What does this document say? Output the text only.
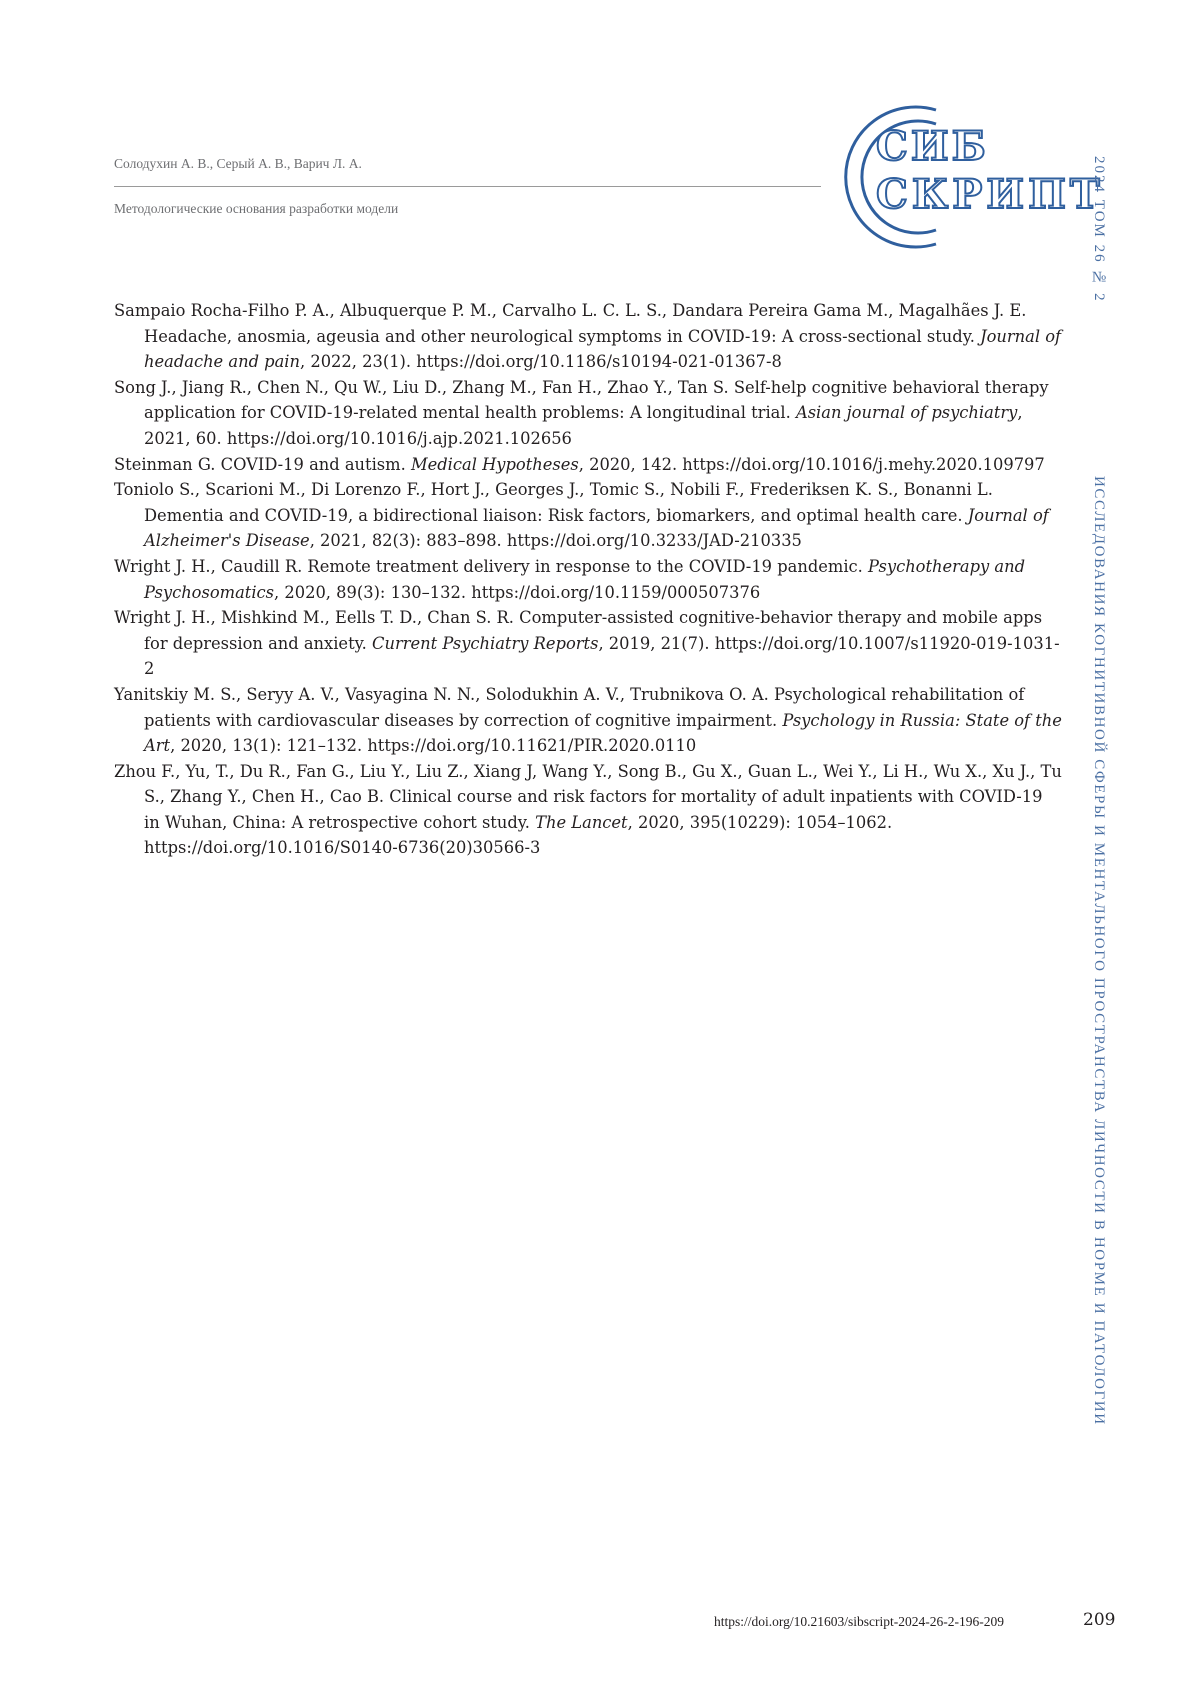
Солодухин А. В., Серый А. В., Варич Л. А.
Методологические основания разработки модели
СИБ
СКРИПТ
2024 ТОМ 26 № 2
ИССЛЕДОВАНИЯ КОГНИТИВНОЙ СФЕРЫ И МЕНТАЛЬНОГО ПРОСТРАНСТВА ЛИЧНОСТИ В НОРМЕ И ПАТОЛОГИИ

Sampaio Rocha-Filho P. A., Albuquerque P. M., Carvalho L. C. L. S., Dandara Pereira Gama M., Magalhães J. E. Headache, anosmia, ageusia and other neurological symptoms in COVID-19: A cross-sectional study. Journal of headache and pain, 2022, 23(1). https://doi.org/10.1186/s10194-021-01367-8

Song J., Jiang R., Chen N., Qu W., Liu D., Zhang M., Fan H., Zhao Y., Tan S. Self-help cognitive behavioral therapy application for COVID-19-related mental health problems: A longitudinal trial. Asian journal of psychiatry, 2021, 60. https://doi.org/10.1016/j.ajp.2021.102656

Steinman G. COVID-19 and autism. Medical Hypotheses, 2020, 142. https://doi.org/10.1016/j.mehy.2020.109797

Toniolo S., Scarioni M., Di Lorenzo F., Hort J., Georges J., Tomic S., Nobili F., Frederiksen K. S., Bonanni L. Dementia and COVID-19, a bidirectional liaison: Risk factors, biomarkers, and optimal health care. Journal of Alzheimer's Disease, 2021, 82(3): 883–898. https://doi.org/10.3233/JAD-210335

Wright J. H., Caudill R. Remote treatment delivery in response to the COVID-19 pandemic. Psychotherapy and Psychosomatics, 2020, 89(3): 130–132. https://doi.org/10.1159/000507376

Wright J. H., Mishkind M., Eells T. D., Chan S. R. Computer-assisted cognitive-behavior therapy and mobile apps for depression and anxiety. Current Psychiatry Reports, 2019, 21(7). https://doi.org/10.1007/s11920-019-1031-2

Yanitskiy M. S., Seryy A. V., Vasyagina N. N., Solodukhin A. V., Trubnikova O. A. Psychological rehabilitation of patients with cardiovascular diseases by correction of cognitive impairment. Psychology in Russia: State of the Art, 2020, 13(1): 121–132. https://doi.org/10.11621/PIR.2020.0110

Zhou F., Yu, T., Du R., Fan G., Liu Y., Liu Z., Xiang J, Wang Y., Song B., Gu X., Guan L., Wei Y., Li H., Wu X., Xu J., Tu S., Zhang Y., Chen H., Cao B. Clinical course and risk factors for mortality of adult inpatients with COVID-19 in Wuhan, China: A retrospective cohort study. The Lancet, 2020, 395(10229): 1054–1062. https://doi.org/10.1016/S0140-6736(20)30566-3

https://doi.org/10.21603/sibscript-2024-26-2-196-209	209
